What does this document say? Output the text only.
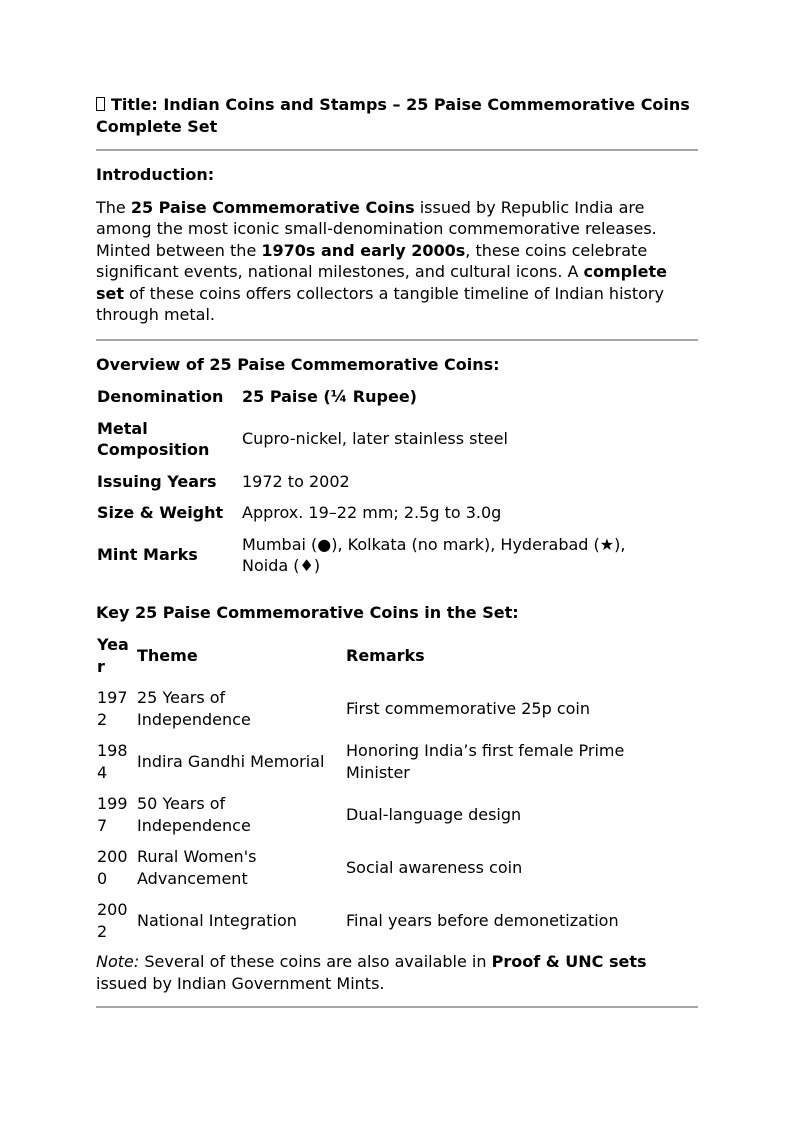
Title: Indian Coins and Stamps – 25 Paise Commemorative Coins Complete Set
Introduction:

The 25 Paise Commemorative Coins issued by Republic India are among the most iconic small-denomination commemorative releases. Minted between the 1970s and early 2000s, these coins celebrate significant events, national milestones, and cultural icons. A complete set of these coins offers collectors a tangible timeline of Indian history through metal.

Overview of 25 Paise Commemorative Coins:
Denomination	25 Paise (¼ Rupee)
Metal Composition	Cupro-nickel, later stainless steel
Issuing Years	1972 to 2002
Size & Weight	Approx. 19–22 mm; 2.5g to 3.0g
Mint Marks	Mumbai (●), Kolkata (no mark), Hyderabad (★), Noida (♦)
Key 25 Paise Commemorative Coins in the Set:
Year	Theme	Remarks
1972	25 Years of Independence	First commemorative 25p coin
1984	Indira Gandhi Memorial	Honoring India’s first female Prime Minister
1997	50 Years of Independence	Dual-language design
2000	Rural Women's Advancement	Social awareness coin
2002	National Integration	Final years before demonetization

Note: Several of these coins are also available in Proof & UNC sets issued by Indian Government Mints.
